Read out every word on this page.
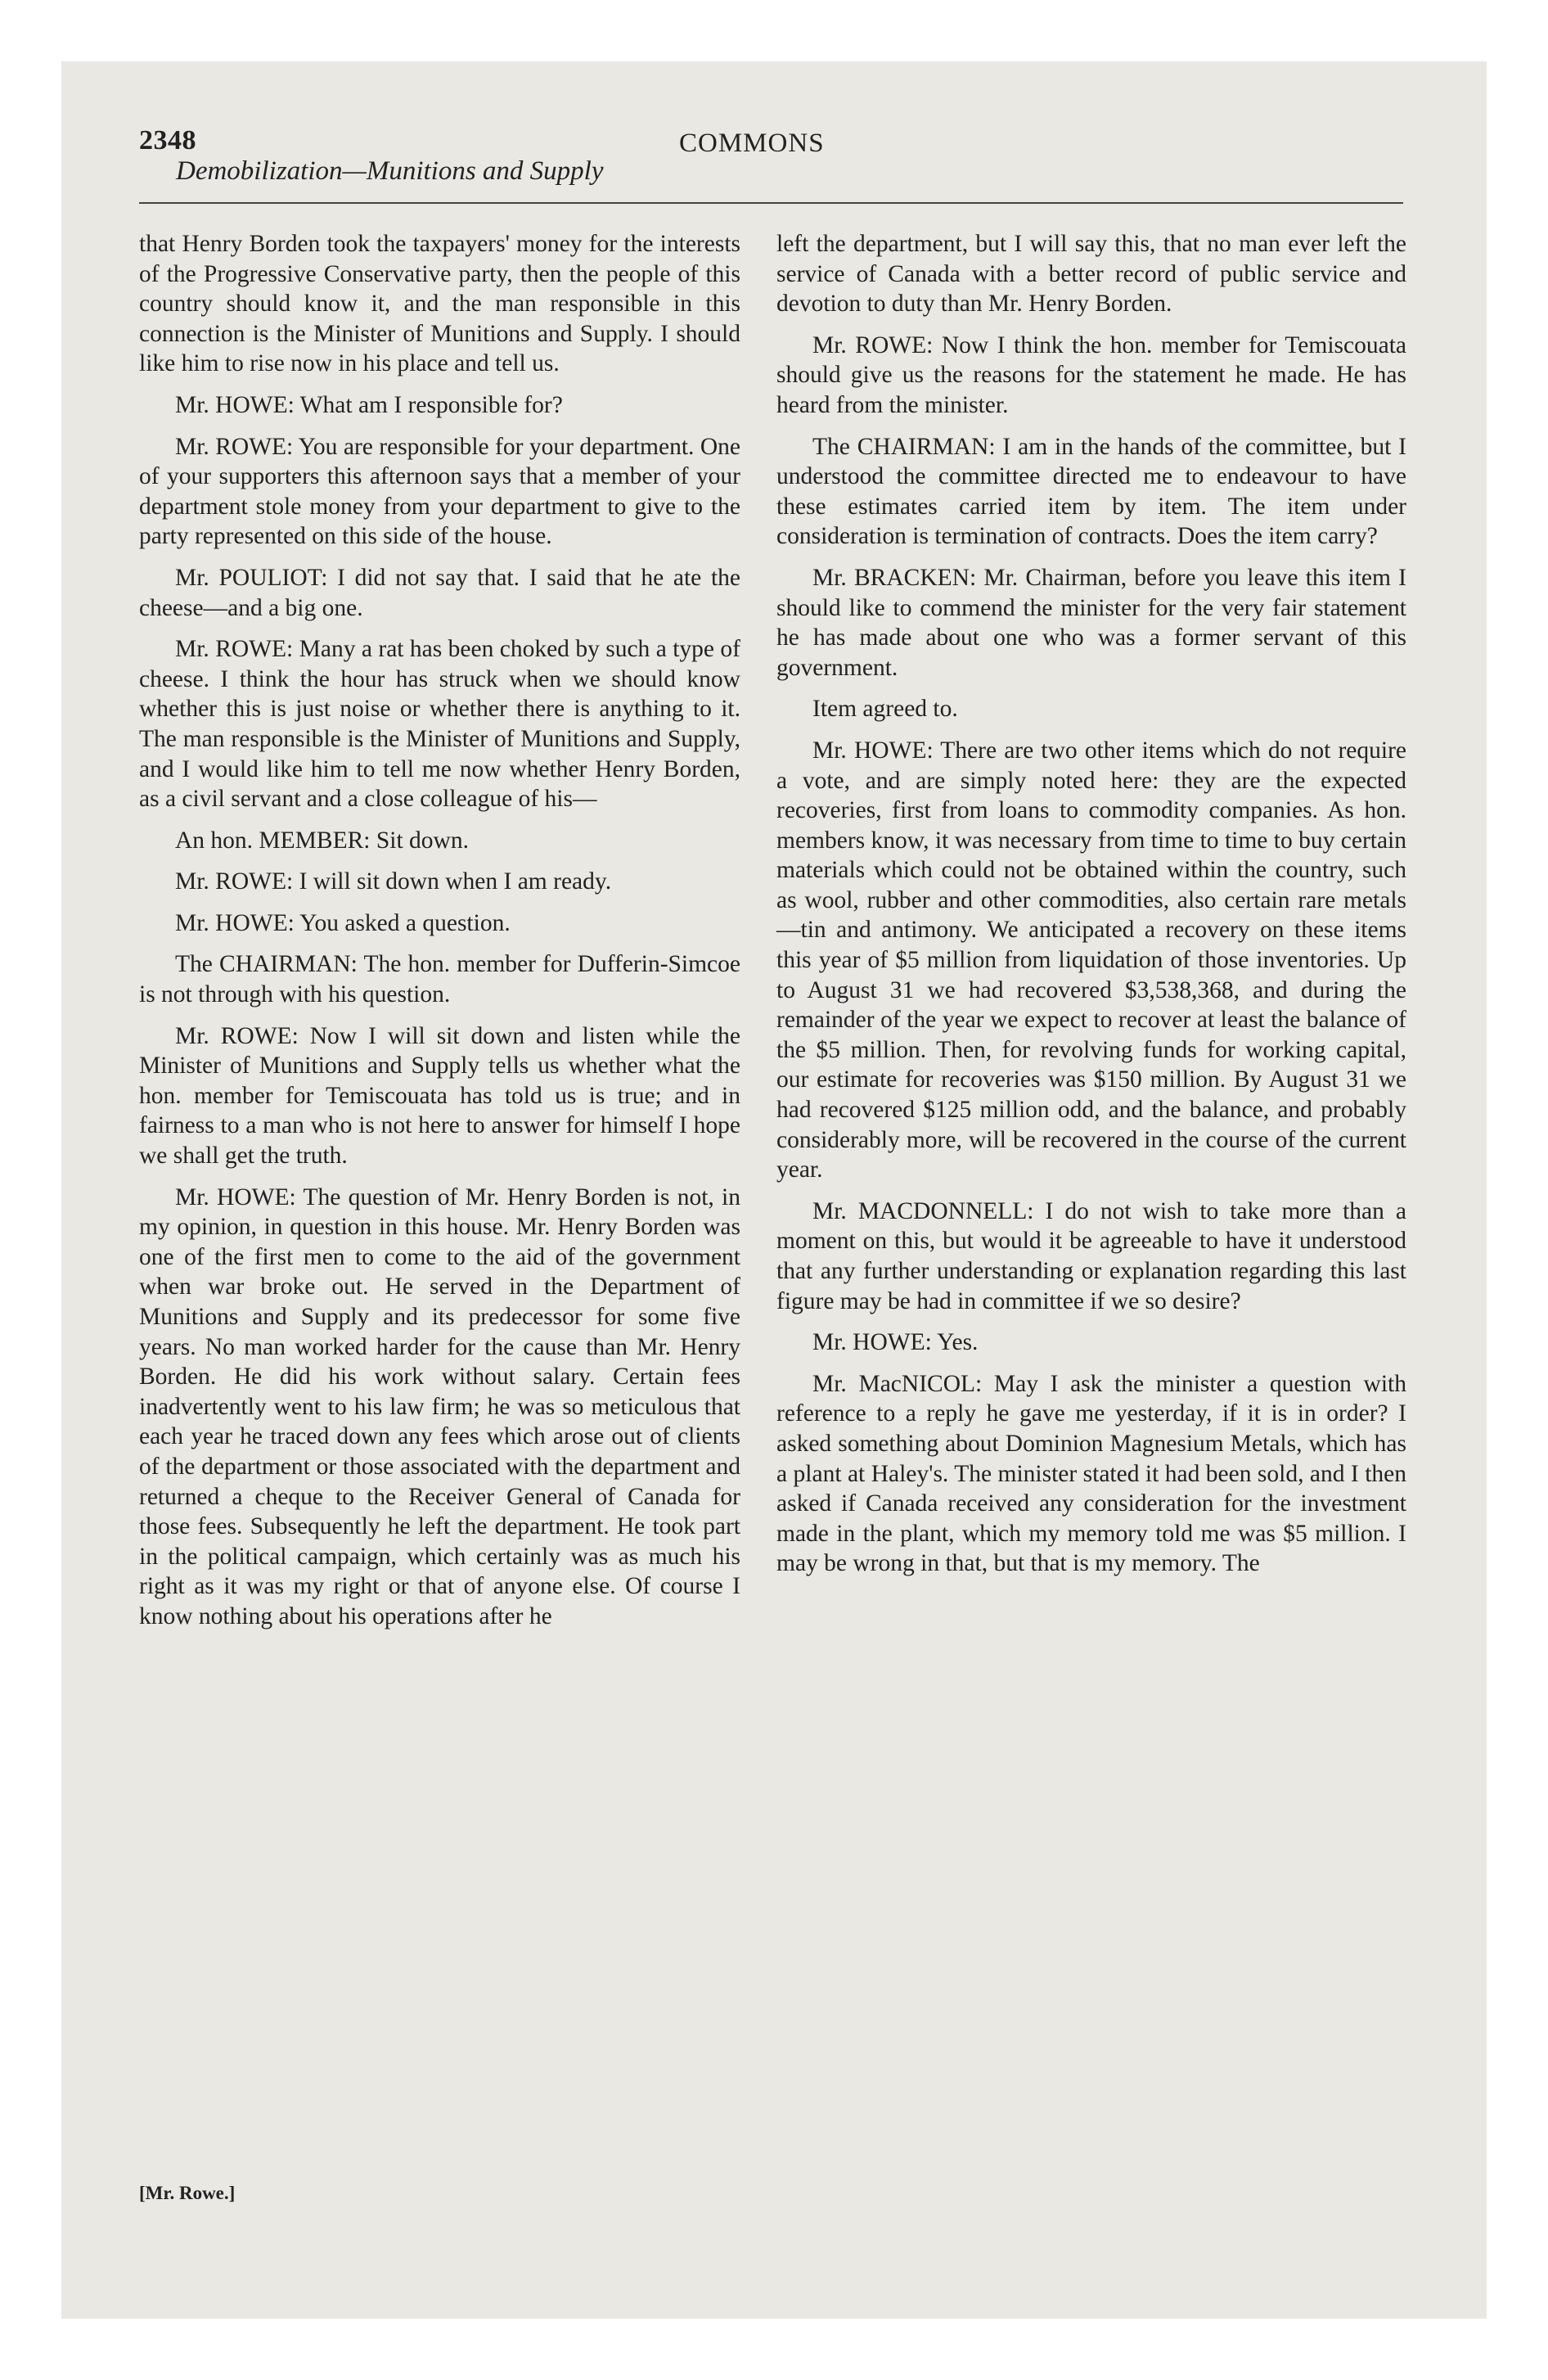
2348	COMMONS
Demobilization—Munitions and Supply

that Henry Borden took the taxpayers' money for the interests of the Progressive Conservative party, then the people of this country should know it, and the man responsible in this connection is the Minister of Munitions and Supply. I should like him to rise now in his place and tell us.

Mr. HOWE: What am I responsible for?

Mr. ROWE: You are responsible for your department. One of your supporters this afternoon says that a member of your department stole money from your department to give to the party represented on this side of the house.

Mr. POULIOT: I did not say that. I said that he ate the cheese—and a big one.

Mr. ROWE: Many a rat has been choked by such a type of cheese. I think the hour has struck when we should know whether this is just noise or whether there is anything to it. The man responsible is the Minister of Munitions and Supply, and I would like him to tell me now whether Henry Borden, as a civil servant and a close colleague of his—

An hon. MEMBER: Sit down.

Mr. ROWE: I will sit down when I am ready.

Mr. HOWE: You asked a question.

The CHAIRMAN: The hon. member for Dufferin-Simcoe is not through with his question.

Mr. ROWE: Now I will sit down and listen while the Minister of Munitions and Supply tells us whether what the hon. member for Temiscouata has told us is true; and in fairness to a man who is not here to answer for himself I hope we shall get the truth.

Mr. HOWE: The question of Mr. Henry Borden is not, in my opinion, in question in this house. Mr. Henry Borden was one of the first men to come to the aid of the government when war broke out. He served in the Department of Munitions and Supply and its predecessor for some five years. No man worked harder for the cause than Mr. Henry Borden. He did his work without salary. Certain fees inadvertently went to his law firm; he was so meticulous that each year he traced down any fees which arose out of clients of the department or those associated with the department and returned a cheque to the Receiver General of Canada for those fees. Subsequently he left the department. He took part in the political campaign, which certainly was as much his right as it was my right or that of anyone else. Of course I know nothing about his operations after he

left the department, but I will say this, that no man ever left the service of Canada with a better record of public service and devotion to duty than Mr. Henry Borden.

Mr. ROWE: Now I think the hon. member for Temiscouata should give us the reasons for the statement he made. He has heard from the minister.

The CHAIRMAN: I am in the hands of the committee, but I understood the committee directed me to endeavour to have these estimates carried item by item. The item under consideration is termination of contracts. Does the item carry?

Mr. BRACKEN: Mr. Chairman, before you leave this item I should like to commend the minister for the very fair statement he has made about one who was a former servant of this government.

Item agreed to.

Mr. HOWE: There are two other items which do not require a vote, and are simply noted here: they are the expected recoveries, first from loans to commodity companies. As hon. members know, it was necessary from time to time to buy certain materials which could not be obtained within the country, such as wool, rubber and other commodities, also certain rare metals—tin and antimony. We anticipated a recovery on these items this year of $5 million from liquidation of those inventories. Up to August 31 we had recovered $3,538,368, and during the remainder of the year we expect to recover at least the balance of the $5 million. Then, for revolving funds for working capital, our estimate for recoveries was $150 million. By August 31 we had recovered $125 million odd, and the balance, and probably considerably more, will be recovered in the course of the current year.

Mr. MACDONNELL: I do not wish to take more than a moment on this, but would it be agreeable to have it understood that any further understanding or explanation regarding this last figure may be had in committee if we so desire?

Mr. HOWE: Yes.

Mr. MacNICOL: May I ask the minister a question with reference to a reply he gave me yesterday, if it is in order? I asked something about Dominion Magnesium Metals, which has a plant at Haley's. The minister stated it had been sold, and I then asked if Canada received any consideration for the investment made in the plant, which my memory told me was $5 million. I may be wrong in that, but that is my memory. The

[Mr. Rowe.]
